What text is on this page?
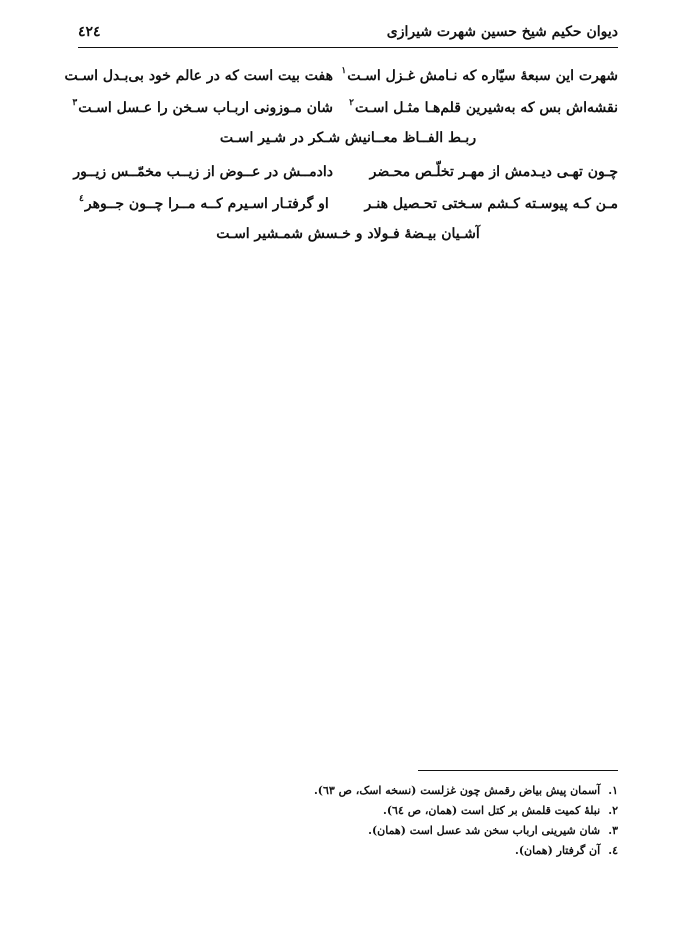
دیوان حکیم شیخ حسین شهرت شیرازی
٤٢٤
شهرت این سبعهٔ سیّاره که نـامش غـزل اسـت$^١$
هفت بیت است که در عالم خود بی‌بـدل اسـت
نقشه‌اش بس که به‌شیرین قلم‌هـا مثـل اسـت$^٢$
شان مـوزونی اربـاب سـخن را عـسل اسـت$^٣$
ربـط الفــاظ معــانیش شـکر در شـیر اسـت
چـون تهـی دیـدمش از مهـر تخلّـص محـضر
دادمــش در عــوض از زیــب مخمّــس زیــور
مـن کـه پیوسـته کـشم سـختی تحـصیل هنـر
او گرفتـار اسـیرم کــه مــرا چــون جــوهر$^٤$
آشـیان بیـضهٔ فـولاد و خـسش شمـشیر اسـت
١. آسمان پیش بیاض رقمش چون غزلست (نسخه اسک، ص ٦٣).
٢. نبلهٔ کمیت قلمش بر کتل است (همان، ص ٦٤).
٣. شان شیرینی ارباب سخن شد عسل است (همان).
٤. آن گرفتار (همان).
